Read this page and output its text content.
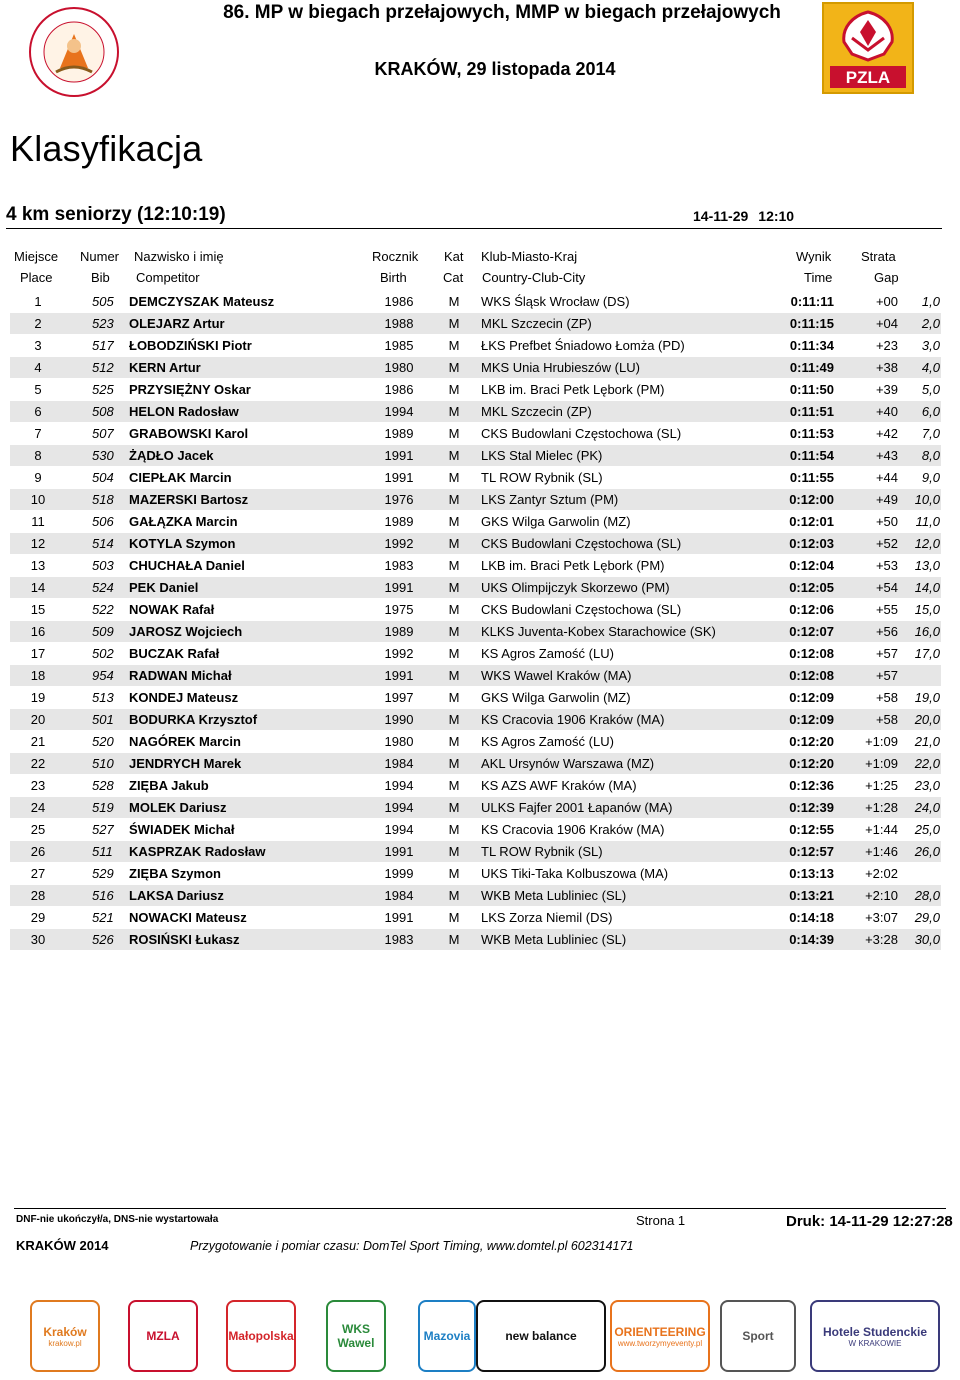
86. MP w biegach przełajowych, MMP w biegach przełajowych
KRAKÓW, 29 listopada 2014	PZLA
Klasyfikacja
4 km seniorzy (12:10:19)	14-11-29 12:10
Miejsce Numer Nazwisko i imię	Rocznik Kat Klub-Miasto-Kraj	Wynik Strata
Place	Bib Competitor	Birth	Cat Country-Club-City	Time	Gap
1	505 DEMCZYSZAK Mateusz	1986	M	WKS Śląsk Wrocław (DS)	0:11:11	+00	1,0
2	523 OLEJARZ Artur	1988	M	MKL Szczecin (ZP)	0:11:15	+04	2,0
3	517 ŁOBODZIŃSKI Piotr	1985	M	ŁKS Prefbet Śniadowo Łomża (PD)	0:11:34	+23	3,0
4	512 KERN Artur	1980	M	MKS Unia Hrubieszów (LU)	0:11:49	+38	4,0
5	525 PRZYSIĘŻNY Oskar	1986	M	LKB im. Braci Petk Lębork (PM)	0:11:50	+39	5,0
6	508 HELON Radosław	1994	M	MKL Szczecin (ZP)	0:11:51	+40	6,0
7	507 GRABOWSKI Karol	1989	M	CKS Budowlani Częstochowa (SL)	0:11:53	+42	7,0
8	530 ŻĄDŁO Jacek	1991	M	LKS Stal Mielec (PK)	0:11:54	+43	8,0
9	504 CIEPŁAK Marcin	1991	M	TL ROW Rybnik (SL)	0:11:55	+44	9,0
10	518 MAZERSKI Bartosz	1976	M	LKS Zantyr Sztum (PM)	0:12:00	+49	10,0
11	506 GAŁĄZKA Marcin	1989	M	GKS Wilga Garwolin (MZ)	0:12:01	+50	11,0
12	514 KOTYLA Szymon	1992	M	CKS Budowlani Częstochowa (SL)	0:12:03	+52	12,0
13	503 CHUCHAŁA Daniel	1983	M	LKB im. Braci Petk Lębork (PM)	0:12:04	+53	13,0
14	524 PEK Daniel	1991	M	UKS Olimpijczyk Skorzewo (PM)	0:12:05	+54	14,0
15	522 NOWAK Rafał	1975	M	CKS Budowlani Częstochowa (SL)	0:12:06	+55	15,0
16	509 JAROSZ Wojciech	1989	M	KLKS Juventa-Kobex Starachowice (SK)	0:12:07	+56	16,0
17	502 BUCZAK Rafał	1992	M	KS Agros Zamość (LU)	0:12:08	+57	17,0
18	954 RADWAN Michał	1991	M	WKS Wawel Kraków (MA)	0:12:08	+57
19	513 KONDEJ Mateusz	1997	M	GKS Wilga Garwolin (MZ)	0:12:09	+58	19,0
20	501 BODURKA Krzysztof	1990	M	KS Cracovia 1906 Kraków (MA)	0:12:09	+58	20,0
21	520 NAGÓREK Marcin	1980	M	KS Agros Zamość (LU)	0:12:20	+1:09	21,0
22	510 JENDRYCH Marek	1984	M	AKL Ursynów Warszawa (MZ)	0:12:20	+1:09	22,0
23	528 ZIĘBA Jakub	1994	M	KS AZS AWF Kraków (MA)	0:12:36	+1:25	23,0
24	519 MOLEK Dariusz	1994	M	ULKS Fajfer 2001 Łapanów (MA)	0:12:39	+1:28	24,0
25	527 ŚWIADEK Michał	1994	M	KS Cracovia 1906 Kraków (MA)	0:12:55	+1:44	25,0
26	511 KASPRZAK Radosław	1991	M	TL ROW Rybnik (SL)	0:12:57	+1:46	26,0
27	529 ZIĘBA Szymon	1999	M	UKS Tiki-Taka Kolbuszowa (MA)	0:13:13	+2:02
28	516 LAKSA Dariusz	1984	M	WKB Meta Lubliniec (SL)	0:13:21	+2:10	28,0
29	521 NOWACKI Mateusz	1991	M	LKS Zorza Niemil (DS)	0:14:18	+3:07	29,0
30	526 ROSIŃSKI Łukasz	1983	M	WKB Meta Lubliniec (SL)	0:14:39	+3:28	30,0
DNF-nie ukończył/a, DNS-nie wystartowała	Strona 1	Druk: 14-11-29 12:27:28
KRAKÓW 2014	Przygotowanie i pomiar czasu: DomTel Sport Timing, www.domtel.pl 602314171
Kraków
krakow.pl	MZLA	Małopolska	WKS Wawel	Mazovia	new balance	ORIENTEERING
www.tworzymyeventy.pl	Sport	Hotele Studenckie
W KRAKOWIE
